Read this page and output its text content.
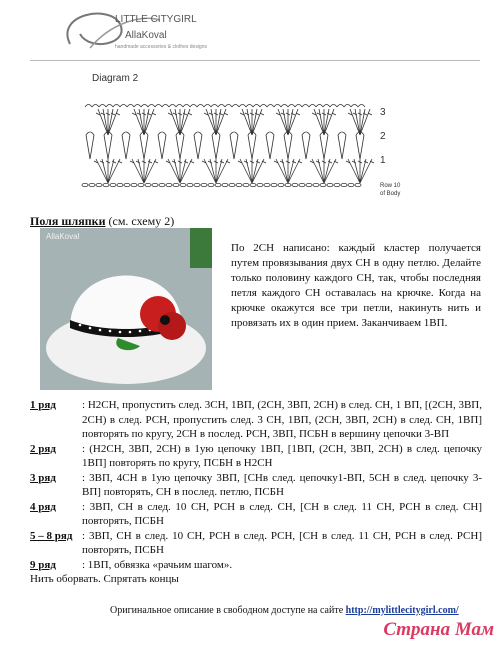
LITTLE CITYGIRL
AllaKoval
handmade accessories & clothes designs
Diagram 2
3
2
1
Row 10
of Body
Поля шляпки (см. схему 2)
AllaKoval
По 2СН написано: каждый кластер получается путем провязывания двух СН в одну петлю. Делайте только половину каждого СН, так, чтобы последняя петля каждого СН оставалась на крючке. Когда на крючке окажутся все три петли, накинуть нить и провязать их в один прием. Заканчиваем 1ВП.
1 ряд	: Н2СН, пропустить след. 3СН, 1ВП, (2СН, 3ВП, 2СН) в след. СН, 1 ВП, [(2СН, 3ВП, 2СН) в след. РСН, пропустить след. 3 СН, 1ВП, (2СН, 3ВП, 2СН) в след. СН, 1ВП] повторять по кругу, 2СН в послед. РСН, 3ВП, ПСБН в вершину цепочки 3-ВП
2 ряд	: (Н2СН, 3ВП, 2СН) в 1ую цепочку 1ВП, [1ВП, (2СН, 3ВП, 2СН) в след. цепочку 1ВП] повторять по кругу, ПСБН в Н2СН
3 ряд	: 3ВП, 4СН в 1ую цепочку 3ВП, [СНв след. цепочку1-ВП, 5СН в след. цепочку 3-ВП] повторять, СН в послед. петлю, ПСБН
4 ряд	: 3ВП, СН в след. 10 СН, РСН в след. СН, [СН в след. 11 СН, РСН в след. СН] повторять, ПСБН
5 – 8 ряд : 3ВП, СН в след. 10 СН, РСН в след. РСН, [СН в след. 11 СН, РСН в след. РСН] повторять, ПСБН
9 ряд	: 1ВП, обвязка «рачьим шагом».
Нить оборвать. Спрятать концы
Оригинальное описание в свободном доступе на сайте http://mylittlecitygirl.com/
Страна Мам
